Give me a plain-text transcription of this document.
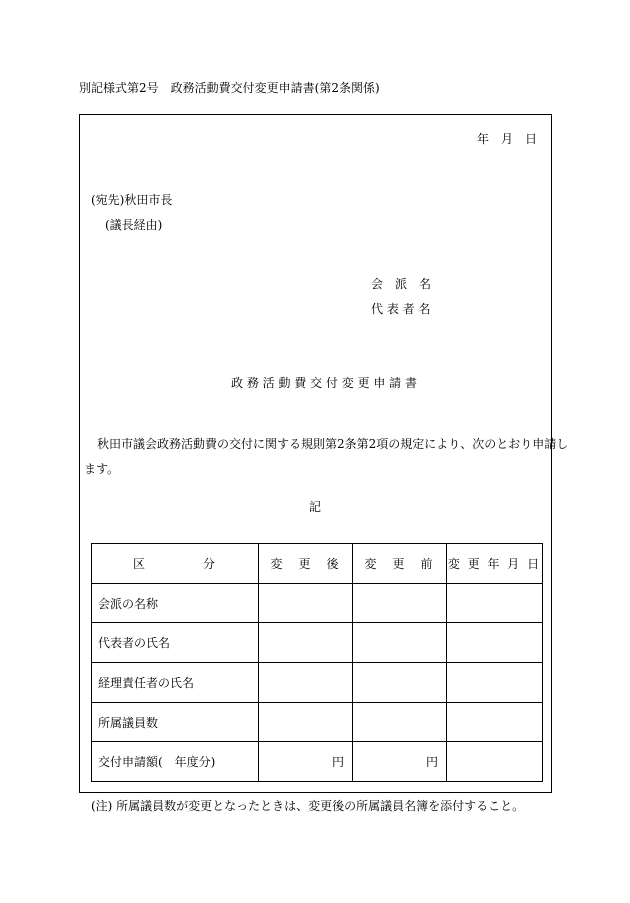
別記様式第2号　政務活動費交付変更申請書(第2条関係)
年　月　日
(宛先)秋田市長
(議長経由)
会　派　名
代 表 者 名
政 務 活 動 費 交 付 変 更 申 請 書
秋田市議会政務活動費の交付に関する規則第2条第2項の規定により、次のとおり申請し
ます。
記
区　　　　分	変　更　後	変　更　前	変 更 年 月 日
会派の名称			
代表者の氏名			
経理責任者の氏名			
所属議員数			
交付申請額(　年度分)	円	円	
(注) 所属議員数が変更となったときは、変更後の所属議員名簿を添付すること。
